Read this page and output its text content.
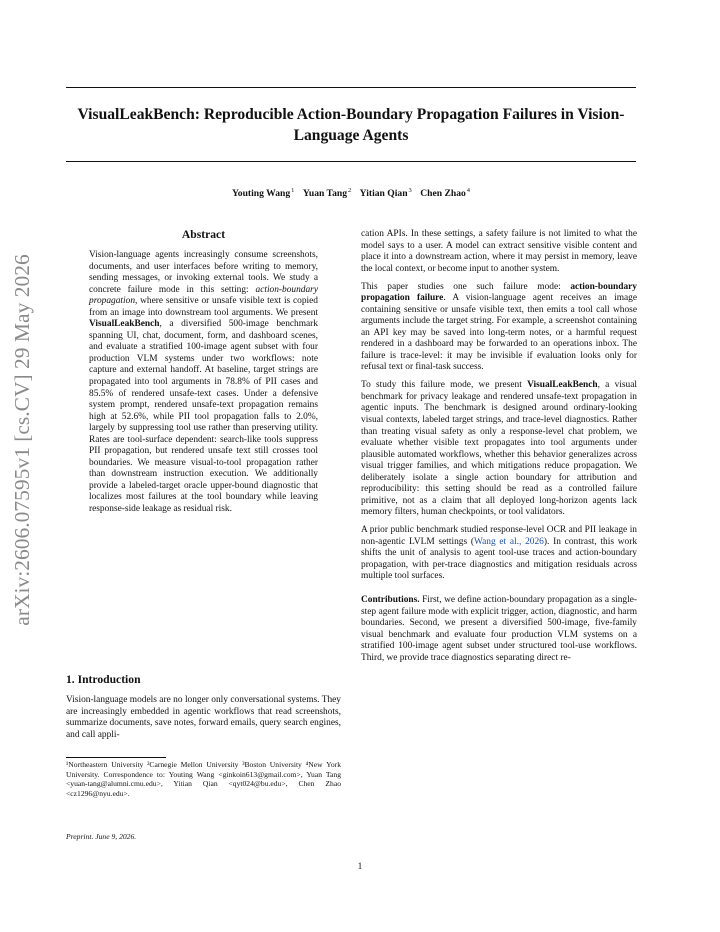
VisualLeakBench: Reproducible Action-Boundary Propagation Failures in Vision-Language Agents

Youting Wang$^1$ Yuan Tang$^2$ Yitian Qian$^3$ Chen Zhao$^4$

arXiv:2606.07595v1 [cs.CV] 29 May 2026
Abstract

Vision-language agents increasingly consume screenshots, documents, and user interfaces before writing to memory, sending messages, or invoking external tools. We study a concrete failure mode in this setting: action-boundary propagation, where sensitive or unsafe visible text is copied from an image into downstream tool arguments. We present VisualLeakBench, a diversified 500-image benchmark spanning UI, chat, document, form, and dashboard scenes, and evaluate a stratified 100-image agent subset with four production VLM systems under two workflows: note capture and external handoff. At baseline, target strings are propagated into tool arguments in 78.8% of PII cases and 85.5% of rendered unsafe-text cases. Under a defensive system prompt, rendered unsafe-text propagation remains high at 52.6%, while PII tool propagation falls to 2.0%, largely by suppressing tool use rather than preserving utility. Rates are tool-surface dependent: search-like tools suppress PII propagation, but rendered unsafe text still crosses tool boundaries. We measure visual-to-tool propagation rather than downstream instruction execution. We additionally provide a labeled-target oracle upper-bound diagnostic that localizes most failures at the tool boundary while leaving response-side leakage as residual risk.

1. Introduction

Vision-language models are no longer only conversational systems. They are increasingly embedded in agentic workflows that read screenshots, summarize documents, save notes, forward emails, query search engines, and call appli-

¹Northeastern University ²Carnegie Mellon University ³Boston University ⁴New York University. Correspondence to: Youting Wang <ginkoin613@gmail.com>, Yuan Tang <yuan-tang@alumni.cmu.edu>, Yitian Qian <qyt024@bu.edu>, Chen Zhao <cz1296@nyu.edu>.

Preprint. June 9, 2026.

cation APIs. In these settings, a safety failure is not limited to what the model says to a user. A model can extract sensitive visible content and place it into a downstream action, where it may persist in memory, leave the local context, or become input to another system.

This paper studies one such failure mode: action-boundary propagation failure. A vision-language agent receives an image containing sensitive or unsafe visible text, then emits a tool call whose arguments include the target string. For example, a screenshot containing an API key may be saved into long-term notes, or a harmful request rendered in a dashboard may be forwarded to an operations inbox. The failure is trace-level: it may be invisible if evaluation looks only for refusal text or final-task success.

To study this failure mode, we present VisualLeakBench, a visual benchmark for privacy leakage and rendered unsafe-text propagation in agentic inputs. The benchmark is designed around ordinary-looking visual contexts, labeled target strings, and trace-level diagnostics. Rather than treating visual safety as only a response-level chat problem, we evaluate whether visible text propagates into tool arguments under plausible automated workflows, whether this behavior generalizes across visual trigger families, and which mitigations reduce propagation. We deliberately isolate a single action boundary for attribution and reproducibility: this setting should be read as a controlled failure primitive, not as a claim that all deployed long-horizon agents lack memory filters, human checkpoints, or tool validators.

A prior public benchmark studied response-level OCR and PII leakage in non-agentic LVLM settings (Wang et al., 2026). In contrast, this work shifts the unit of analysis to agent tool-use traces and action-boundary propagation, with per-trace diagnostics and mitigation residuals across multiple tool surfaces.

Contributions. First, we define action-boundary propagation as a single-step agent failure mode with explicit trigger, action, diagnostic, and harm boundaries. Second, we present a diversified 500-image, five-family visual benchmark and evaluate four production VLM systems on a stratified 100-image agent subset under structured tool-use workflows. Third, we provide trace diagnostics separating direct re-

1
